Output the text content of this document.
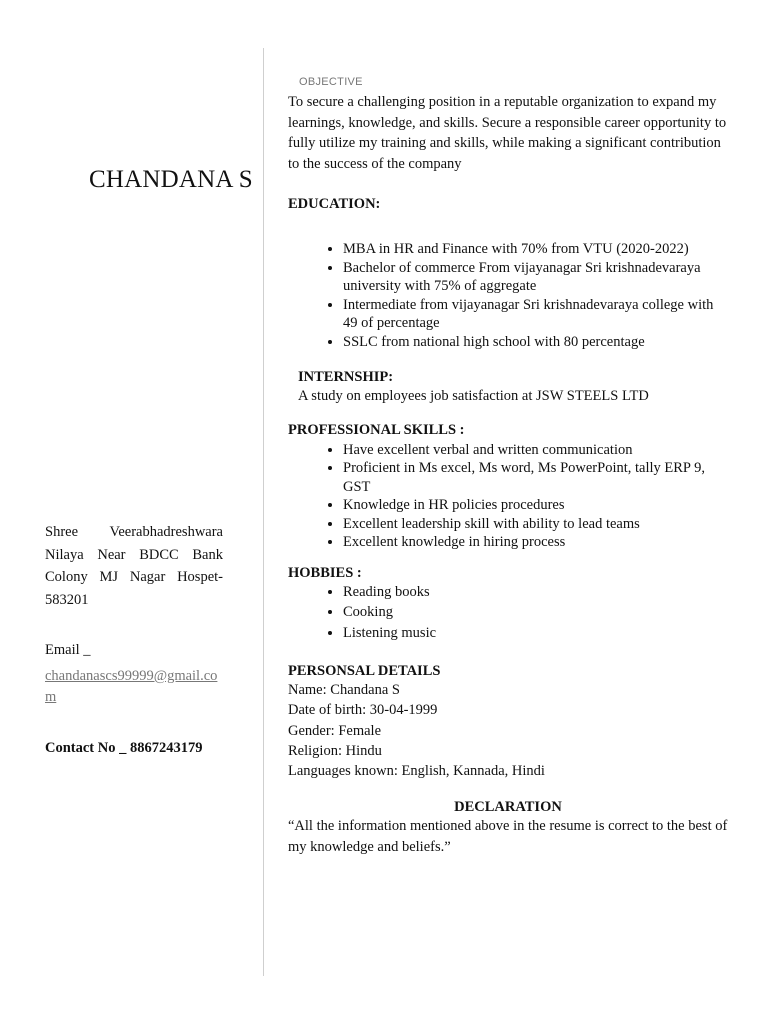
CHANDANA S
Shree Veerabhadreshwara Nilaya Near BDCC Bank Colony MJ Nagar Hospet-583201
Email _
chandanascs99999@gmail.com
Contact No _ 8867243179
OBJECTIVE

To secure a challenging position in a reputable organization to expand my learnings, knowledge, and skills. Secure a responsible career opportunity to fully utilize my training and skills, while making a significant contribution to the success of the company

EDUCATION:

• MBA in HR and Finance with 70% from VTU (2020-2022)
• Bachelor of commerce From vijayanagar Sri krishnadevaraya university with 75% of aggregate
• Intermediate from vijayanagar Sri krishnadevaraya college with 49 of percentage
• SSLC from national high school with 80 percentage

INTERNSHIP:

A study on employees job satisfaction at JSW STEELS LTD

PROFESSIONAL SKILLS :

• Have excellent verbal and written communication
• Proficient in Ms excel, Ms word, Ms PowerPoint, tally ERP 9, GST
• Knowledge in HR policies procedures
• Excellent leadership skill with ability to lead teams
• Excellent knowledge in hiring process

HOBBIES :

• Reading books
• Cooking
• Listening music

PERSONSAL DETAILS

Name: Chandana S

Date of birth: 30-04-1999

Gender: Female

Religion: Hindu

Languages known: English, Kannada, Hindi

DECLARATION

“All the information mentioned above in the resume is correct to the best of my knowledge and beliefs.”
